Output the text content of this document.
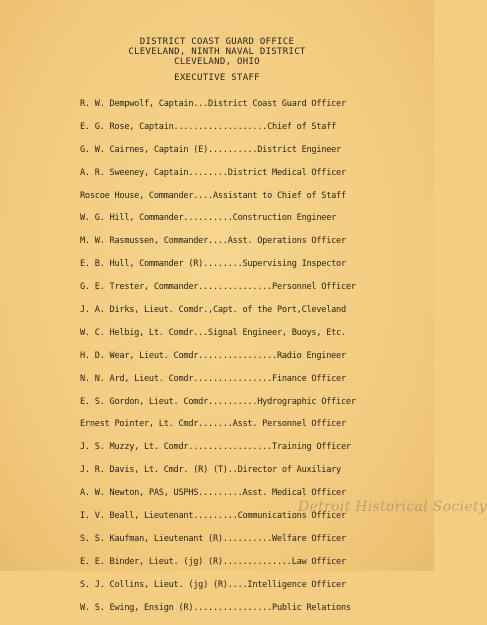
DISTRICT COAST GUARD OFFICE
CLEVELAND, NINTH NAVAL DISTRICT
CLEVELAND, OHIO
EXECUTIVE STAFF
R. W. Dempwolf, Captain...District Coast Guard Officer
E. G. Rose, Captain...................Chief of Staff
G. W. Cairnes, Captain (E)..........District Engineer
A. R. Sweeney, Captain........District Medical Officer
Roscoe House, Commander....Assistant to Chief of Staff
W. G. Hill, Commander..........Construction Engineer
M. W. Rasmussen, Commander....Asst. Operations Officer
E. B. Hull, Commander (R)........Supervising Inspector
G. E. Trester, Commander...............Personnel Officer
J. A. Dirks, Lieut. Comdr.,Capt. of the Port,Cleveland
W. C. Helbig, Lt. Comdr...Signal Engineer, Buoys, Etc.
H. D. Wear, Lieut. Comdr................Radio Engineer
N. N. Ard, Lieut. Comdr................Finance Officer
E. S. Gordon, Lieut. Comdr..........Hydrographic Officer
Ernest Pointer, Lt. Cmdr.......Asst. Personnel Officer
J. S. Muzzy, Lt. Comdr.................Training Officer
J. R. Davis, Lt. Cmdr. (R) (T)..Director of Auxiliary
A. W. Newton, PAS, USPHS.........Asst. Medical Officer
I. V. Beall, Lieutenant.........Communications Officer
S. S. Kaufman, Lieutenant (R)..........Welfare Officer
E. E. Binder, Lieut. (jg) (R)..............Law Officer
S. J. Collins, Lieut. (jg) (R)....Intelligence Officer
W. S. Ewing, Ensign (R)................Public Relations
Detroit Historical Society
